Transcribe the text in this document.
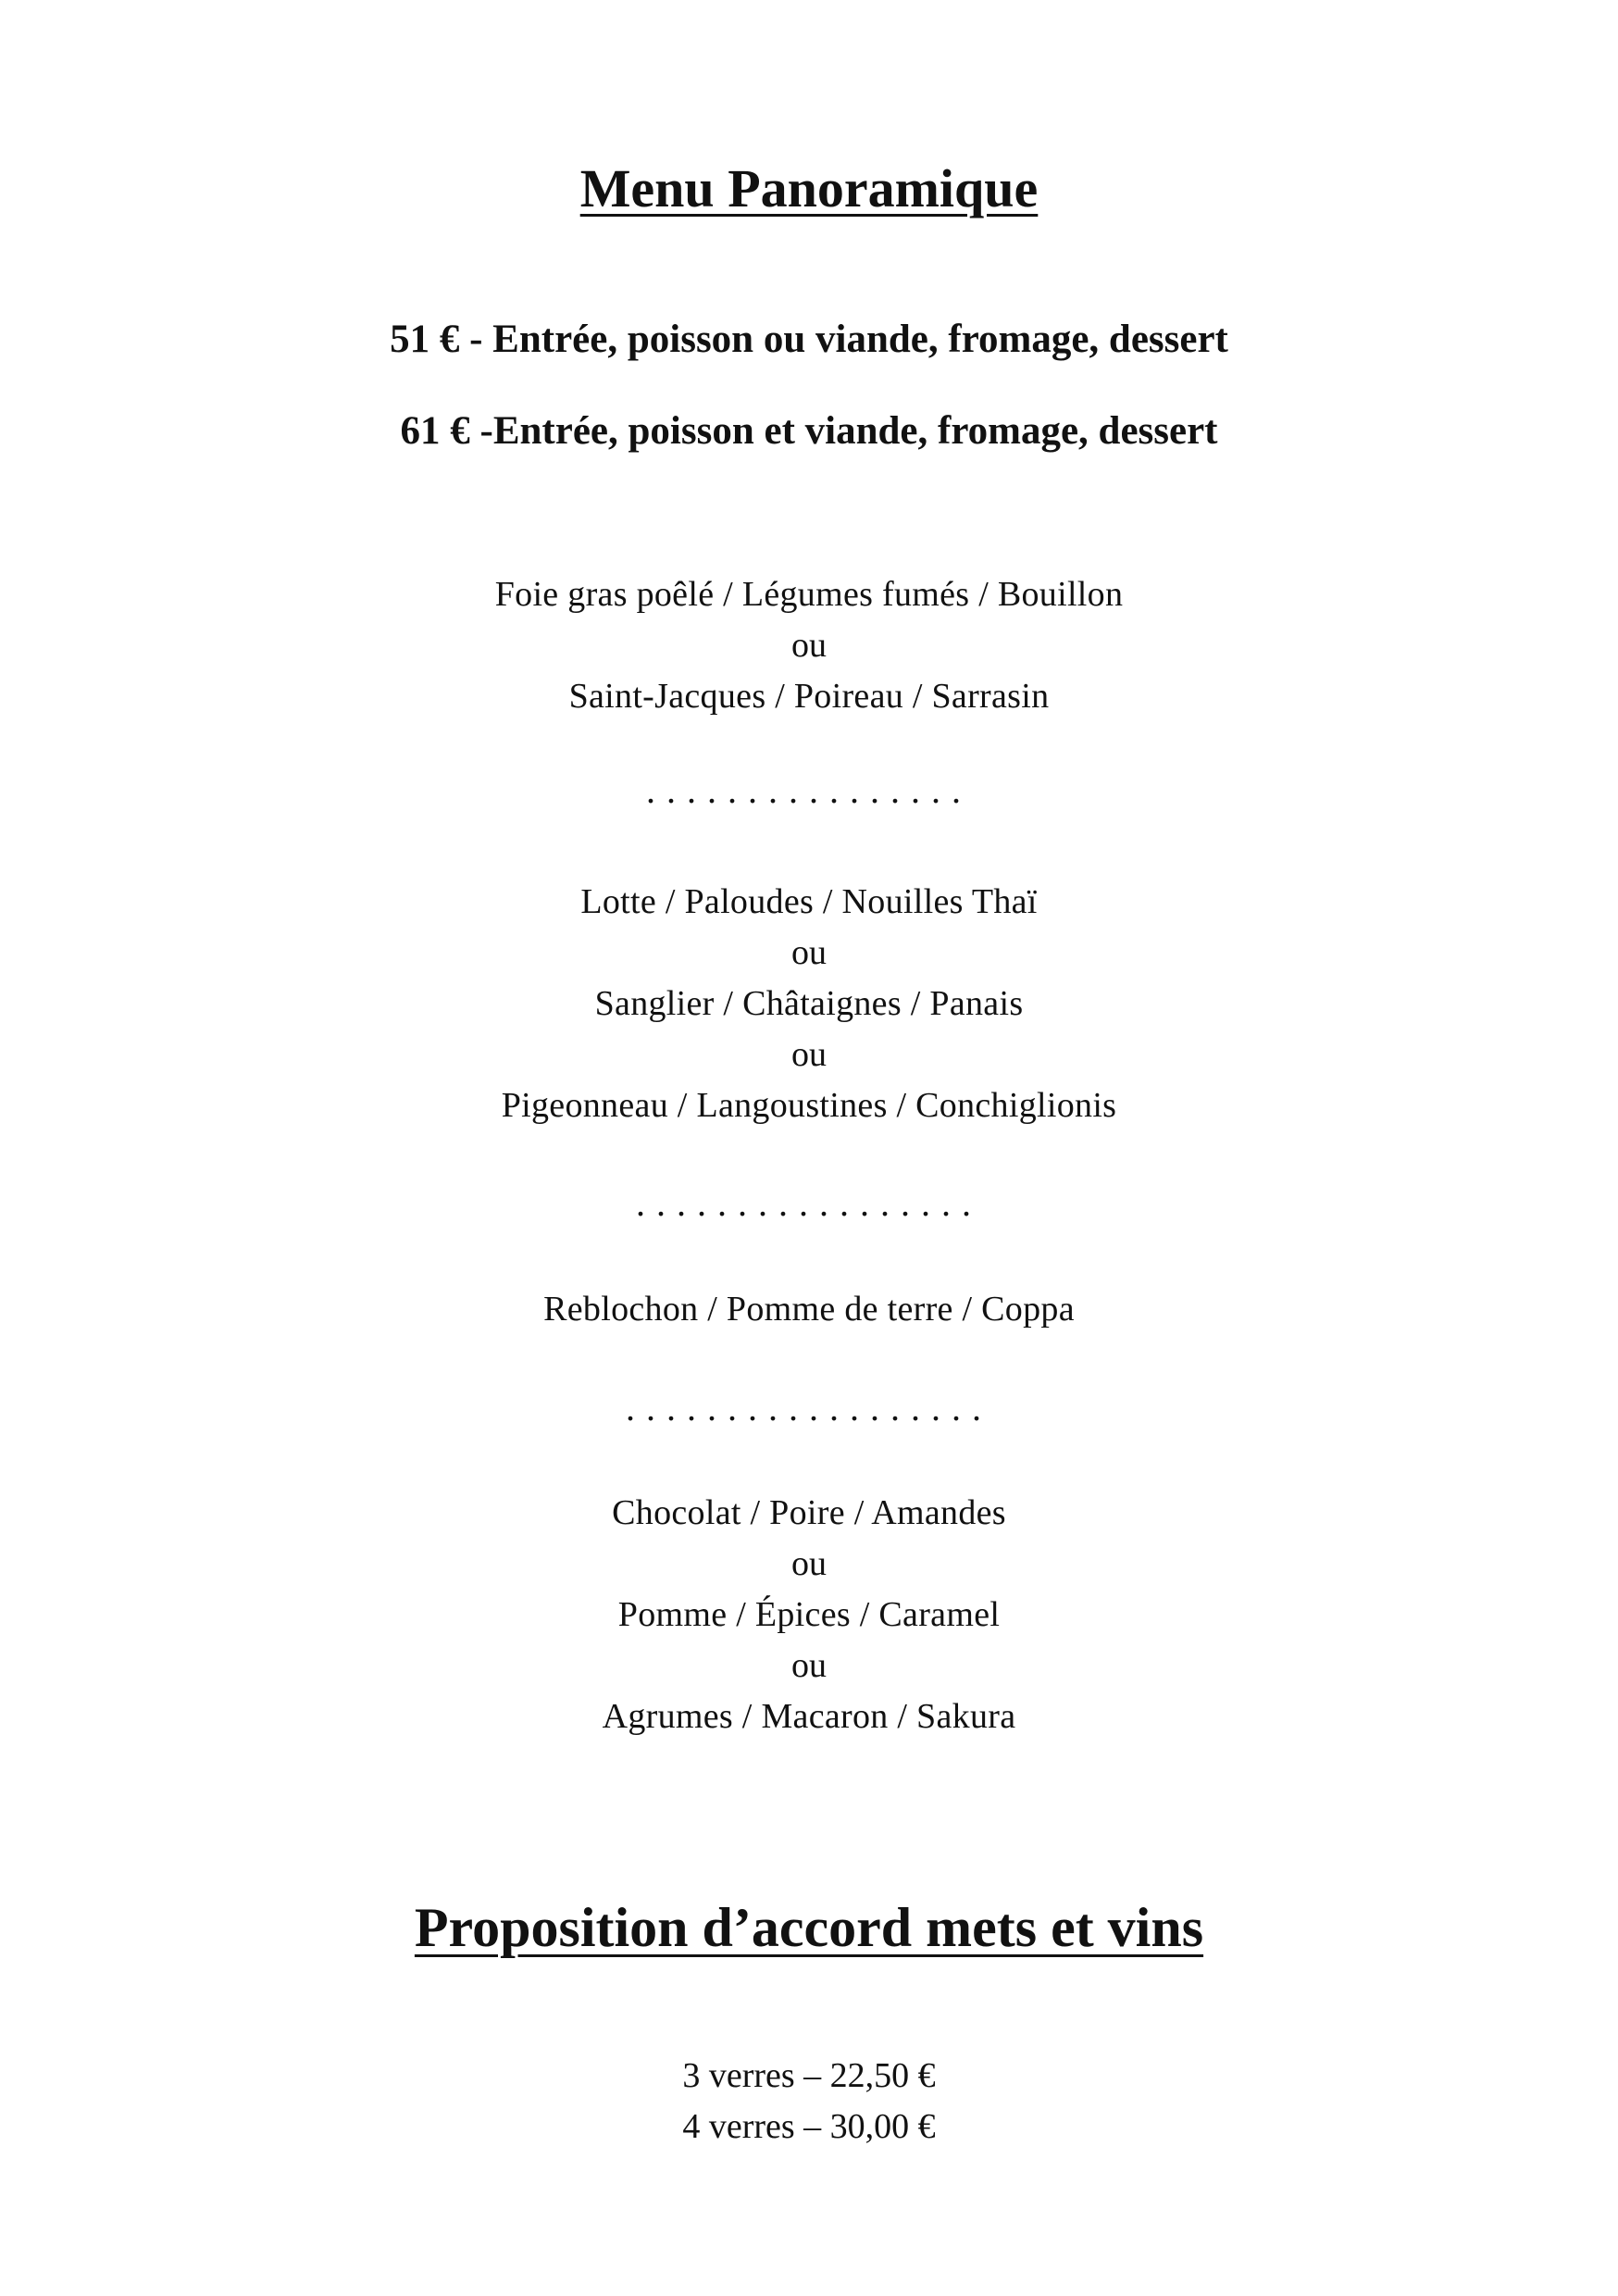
Menu Panoramique
51 € - Entrée, poisson ou viande, fromage, dessert
61 € -Entrée, poisson et viande, fromage, dessert
Foie gras poêlé / Légumes fumés / Bouillon
ou
Saint-Jacques / Poireau / Sarrasin
................
Lotte / Paloudes / Nouilles Thaï
ou
Sanglier / Châtaignes / Panais
ou
Pigeonneau / Langoustines / Conchiglionis
.................
Reblochon / Pomme de terre / Coppa
..................
Chocolat / Poire / Amandes
ou
Pomme / Épices / Caramel
ou
Agrumes / Macaron / Sakura
Proposition d’accord mets et vins
3 verres – 22,50 €
4 verres – 30,00 €
